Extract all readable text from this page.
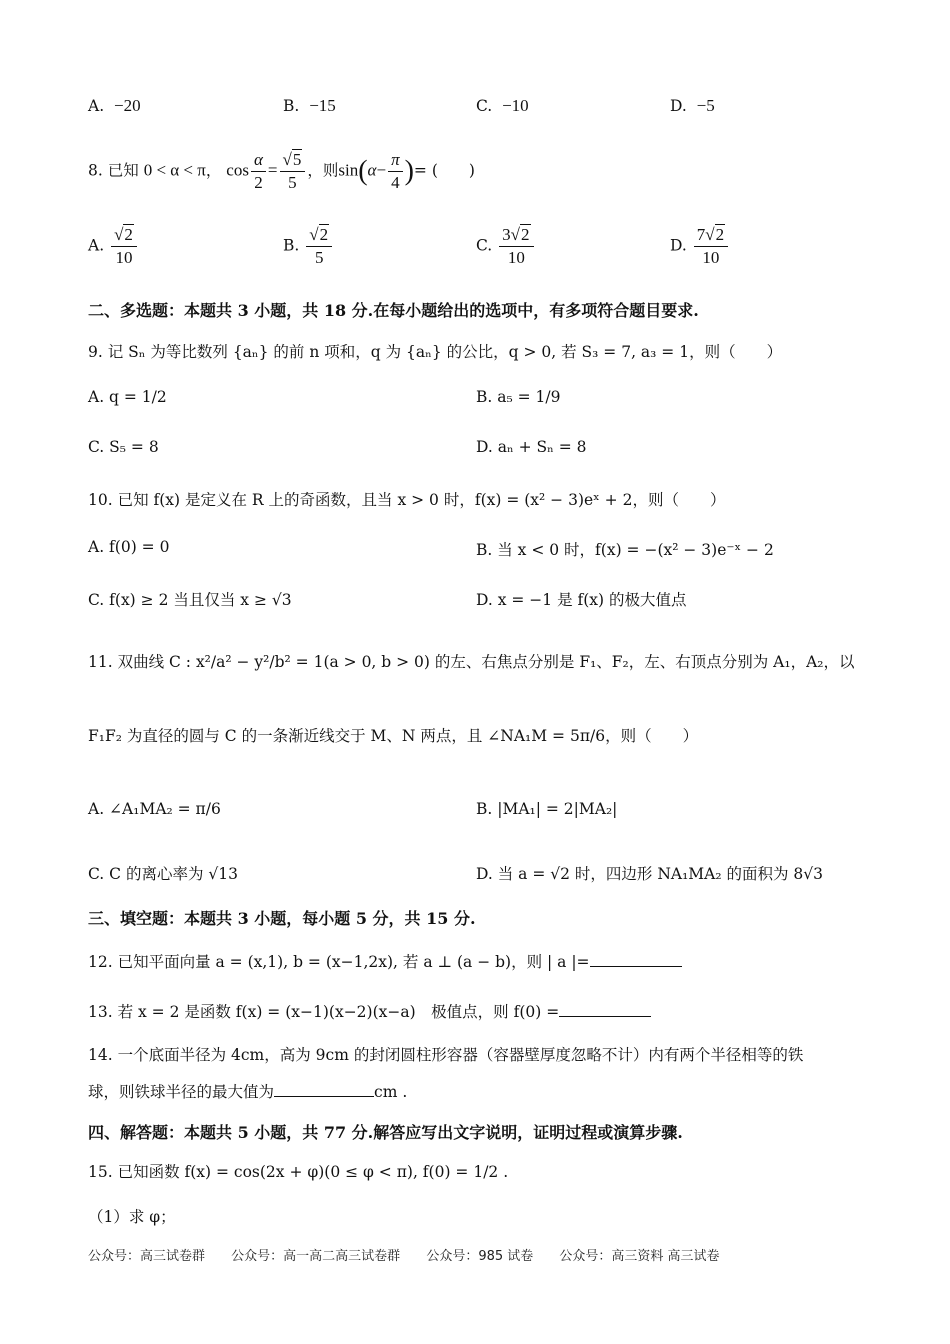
A. −20	B. −15	C. −10	D. −5
8. 已知 0 < α < π， $\cos \frac{\alpha}{2} = \frac{√5}{5}$ ，则$\sin(\alpha- \frac{\pi}{4}$ )= (　　)
A. $\frac{√2}{10}$	B. $\frac{√2}{5}$	C. $\frac{3√2}{10}$	D. $\frac{7√2}{10}$
二、多选题：本题共 3 小题，共 18 分.在每小题给出的选项中，有多项符合题目要求.
9. 记 Sₙ 为等比数列 {aₙ} 的前 n 项和，q 为 {aₙ} 的公比，q > 0, 若 S₃ = 7, a₃ = 1，则（　　）
A. q = 1/2	B. a₅ = 1/9
C. S₅ = 8	D. aₙ + Sₙ = 8
10. 已知 f(x) 是定义在 R 上的奇函数，且当 x > 0 时，f(x) = (x² − 3)eˣ + 2，则（　　）
A. f(0) = 0	B. 当 x < 0 时，f(x) = −(x² − 3)e⁻ˣ − 2
C. f(x) ≥ 2 当且仅当 x ≥ √3	D. x = −1 是 f(x) 的极大值点
11. 双曲线 C : x²/a² − y²/b² = 1(a > 0, b > 0) 的左、右焦点分别是 F₁、F₂，左、右顶点分别为 A₁，A₂，以
F₁F₂ 为直径的圆与 C 的一条渐近线交于 M、N 两点，且 ∠NA₁M = 5π/6，则（　　）
A. ∠A₁MA₂ = π/6	B. |MA₁| = 2|MA₂|
C. C 的离心率为 √13	D. 当 a = √2 时，四边形 NA₁MA₂ 的面积为 8√3
三、填空题：本题共 3 小题，每小题 5 分，共 15 分.
12. 已知平面向量 a = (x,1), b = (x−1,2x), 若 a ⊥ (a − b)，则 | a |=
13. 若 x = 2 是函数 f(x) = (x−1)(x−2)(x−a)　极值点，则 f(0) =
14. 一个底面半径为 4cm，高为 9cm 的封闭圆柱形容器（容器壁厚度忽略不计）内有两个半径相等的铁
球，则铁球半径的最大值为	cm .
四、解答题：本题共 5 小题，共 77 分.解答应写出文字说明，证明过程或演算步骤.
15. 已知函数 f(x) = cos(2x + φ)(0 ≤ φ < π), f(0) = 1/2 .
（1）求 φ；
公众号：高三试卷群 公众号：高一高二高三试卷群 公众号：985 试卷 公众号：高三资料 高三试卷
